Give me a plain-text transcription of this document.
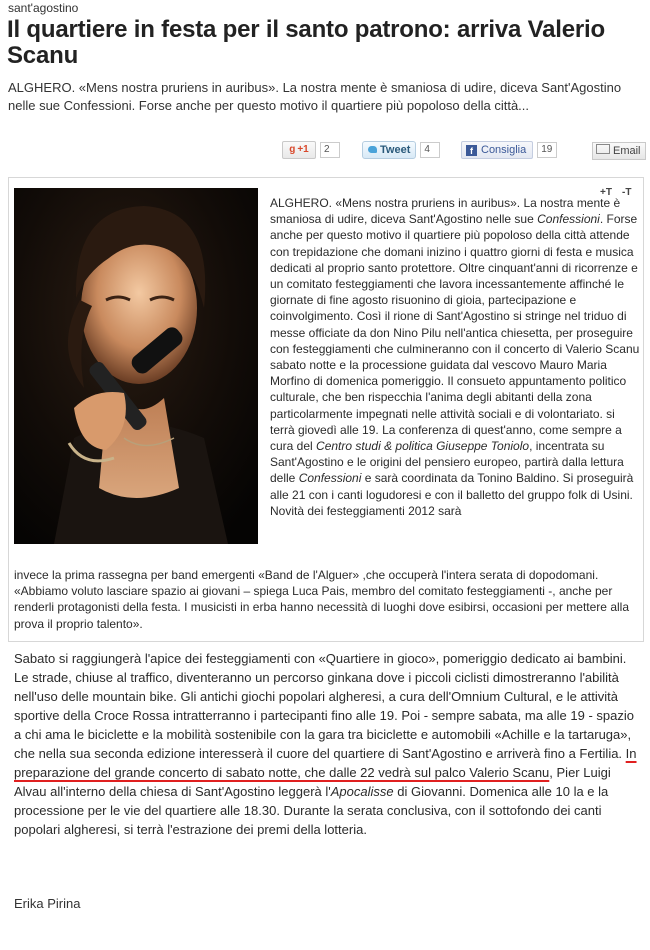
sant'agostino
Il quartiere in festa per il santo patrono: arriva Valerio Scanu

ALGHERO. «Mens nostra pruriens in auribus». La nostra mente è smaniosa di udire, diceva Sant'Agostino nelle sue Confessioni. Forse anche per questo motivo il quartiere più popoloso della città...

g +1 2	Tweet 4	f Consiglia 19	Email
+T -T

ALGHERO. «Mens nostra pruriens in auribus». La nostra mente è smaniosa di udire, diceva Sant'Agostino nelle sue Confessioni. Forse anche per questo motivo il quartiere più popoloso della città attende con trepidazione che domani inizino i quattro giorni di festa e musica dedicati al proprio santo protettore. Oltre cinquant'anni di ricorrenze e un comitato festeggiamenti che lavora incessantemente affinché le giornate di fine agosto risuonino di gioia, partecipazione e coinvolgimento. Così il rione di Sant'Agostino si stringe nel triduo di messe officiate da don Nino Pilu nell'antica chiesetta, per proseguire con festeggiamenti che culmineranno con il concerto di Valerio Scanu sabato notte e la processione guidata dal vescovo Mauro Maria Morfino di domenica pomeriggio. Il consueto appuntamento politico culturale, che ben rispecchia l'anima degli abitanti della zona particolarmente impegnati nelle attività sociali e di volontariato. si terrà giovedì alle 19. La conferenza di quest'anno, come sempre a cura del Centro studi & politica Giuseppe Toniolo, incentrata su Sant'Agostino e le origini del pensiero europeo, partirà dalla lettura delle Confessioni e sarà coordinata da Tonino Baldino. Si proseguirà alle 21 con i canti logudoresi e con il balletto del gruppo folk di Usini. Novità dei festeggiamenti 2012 sarà

invece la prima rassegna per band emergenti «Band de l'Alguer» ,che occuperà l'intera serata di dopodomani. «Abbiamo voluto lasciare spazio ai giovani – spiega Luca Pais, membro del comitato festeggiamenti -, anche per renderli protagonisti della festa. I musicisti in erba hanno necessità di luoghi dove esibirsi, occasioni per mettere alla prova il proprio talento».

Sabato si raggiungerà l'apice dei festeggiamenti con «Quartiere in gioco», pomeriggio dedicato ai bambini. Le strade, chiuse al traffico, diventeranno un percorso ginkana dove i piccoli ciclisti dimostreranno l'abilità nell'uso delle mountain bike. Gli antichi giochi popolari algheresi, a cura dell'Omnium Cultural, e le attività sportive della Croce Rossa intratterranno i partecipanti fino alle 19. Poi - sempre sabata, ma alle 19 - spazio a chi ama le biciclette e la mobilità sostenibile con la gara tra biciclette e automobili «Achille e la tartaruga», che nella sua seconda edizione interesserà il cuore del quartiere di Sant'Agostino e arriverà fino a Fertilia. In preparazione del grande concerto di sabato notte, che dalle 22 vedrà sul palco Valerio Scanu, Pier Luigi Alvau all'interno della chiesa di Sant'Agostino leggerà l'Apocalisse di Giovanni. Domenica alle 10 la e la processione per le vie del quartiere alle 18.30. Durante la serata conclusiva, con il sottofondo dei canti popolari algheresi, si terrà l'estrazione dei premi della lotteria.

Erika Pirina
